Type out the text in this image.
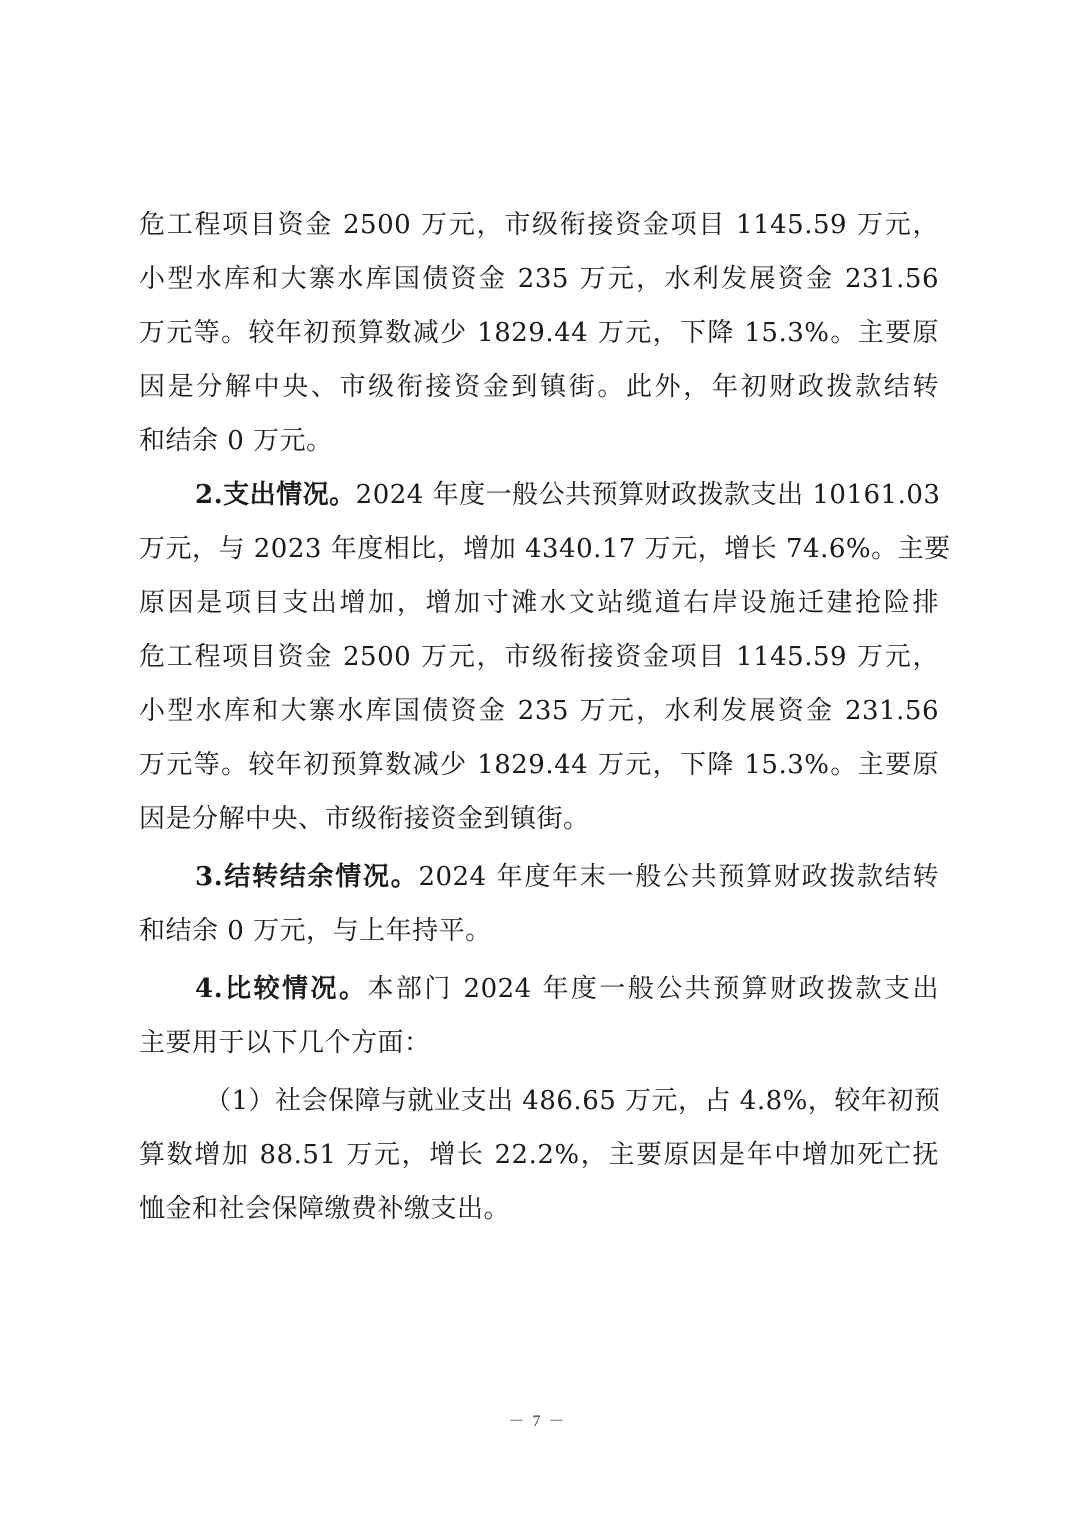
危工程项目资金 2500 万元，市级衔接资金项目 1145.59 万元，
小型水库和大寨水库国债资金 235 万元，水利发展资金 231.56
万元等。较年初预算数减少 1829.44 万元，下降 15.3%。主要原
因是分解中央、市级衔接资金到镇街。此外，年初财政拨款结转
和结余 0 万元。
2.支出情况。2024 年度一般公共预算财政拨款支出 10161.03
万元，与 2023 年度相比，增加 4340.17 万元，增长 74.6%。主要
原因是项目支出增加，增加寸滩水文站缆道右岸设施迁建抢险排
危工程项目资金 2500 万元，市级衔接资金项目 1145.59 万元，
小型水库和大寨水库国债资金 235 万元，水利发展资金 231.56
万元等。较年初预算数减少 1829.44 万元，下降 15.3%。主要原
因是分解中央、市级衔接资金到镇街。
3.结转结余情况。2024 年度年末一般公共预算财政拨款结转
和结余 0 万元，与上年持平。
4.比较情况。本部门 2024 年度一般公共预算财政拨款支出
主要用于以下几个方面：
（1）社会保障与就业支出 486.65 万元，占 4.8%，较年初预
算数增加 88.51 万元，增长 22.2%，主要原因是年中增加死亡抚
恤金和社会保障缴费补缴支出。
－ 7 －
